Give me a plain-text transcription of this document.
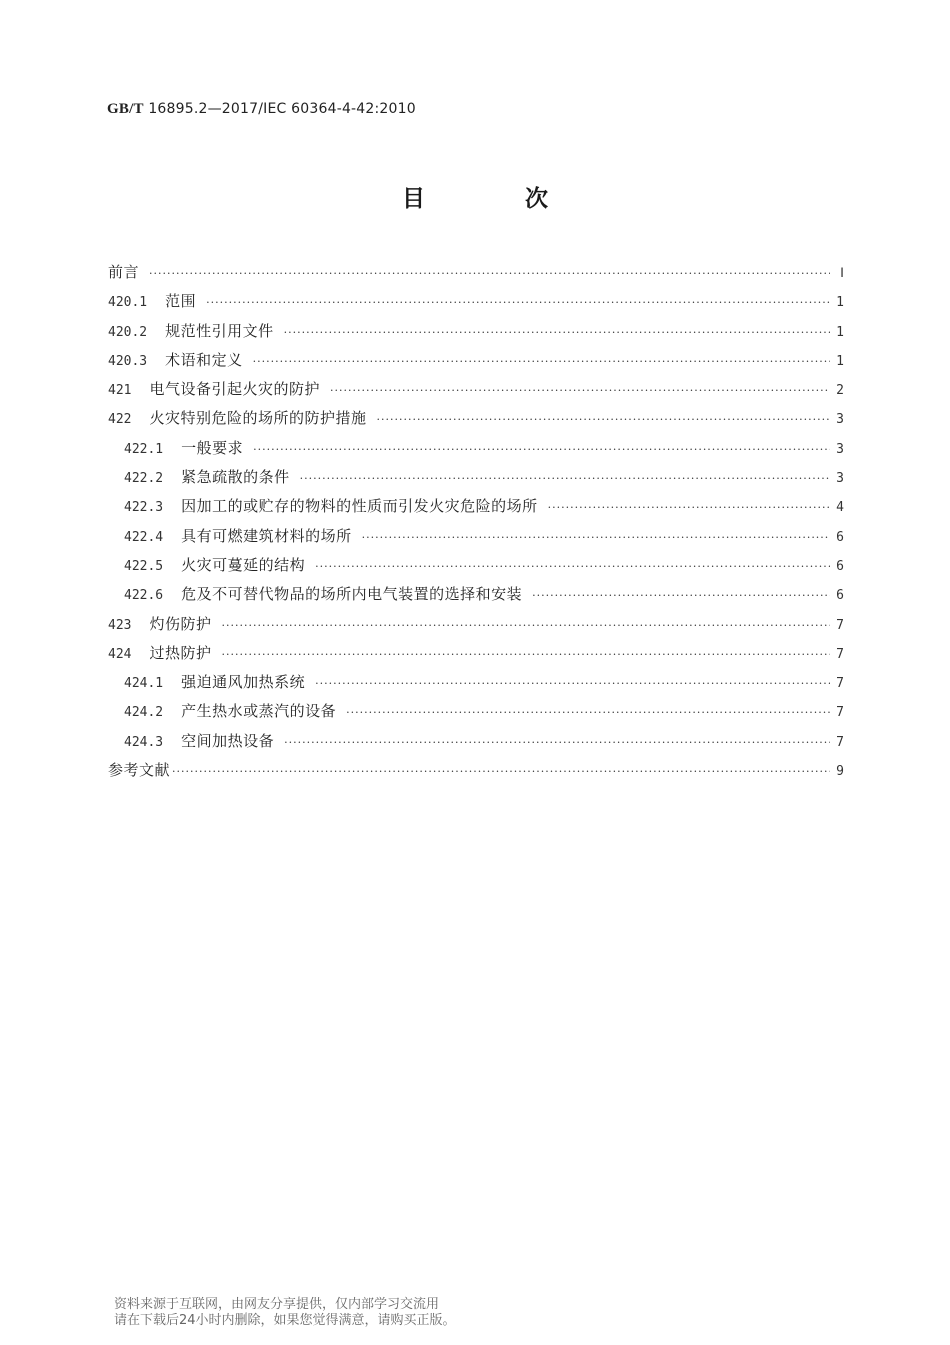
GB/T 16895.2—2017/IEC 60364-4-42:2010
目 次
前言 ·····	Ⅰ
420.1 范围 ·····	1
420.2 规范性引用文件 ·····	1
420.3 术语和定义 ·····	1
421 电气设备引起火灾的防护 ·····	2
422 火灾特别危险的场所的防护措施 ·····	3
422.1 一般要求 ·····	3
422.2 紧急疏散的条件 ·····	3
422.3 因加工的或贮存的物料的性质而引发火灾危险的场所 ·····	4
422.4 具有可燃建筑材料的场所 ·····	6
422.5 火灾可蔓延的结构 ·····	6
422.6 危及不可替代物品的场所内电气装置的选择和安装 ·····	6
423 灼伤防护 ·····	7
424 过热防护 ·····	7
424.1 强迫通风加热系统 ·····	7
424.2 产生热水或蒸汽的设备 ·····	7
424.3 空间加热设备 ·····	7
参考文献 ·····	9
资料来源于互联网，由网友分享提供，仅内部学习交流用
请在下载后24小时内删除，如果您觉得满意，请购买正版。
